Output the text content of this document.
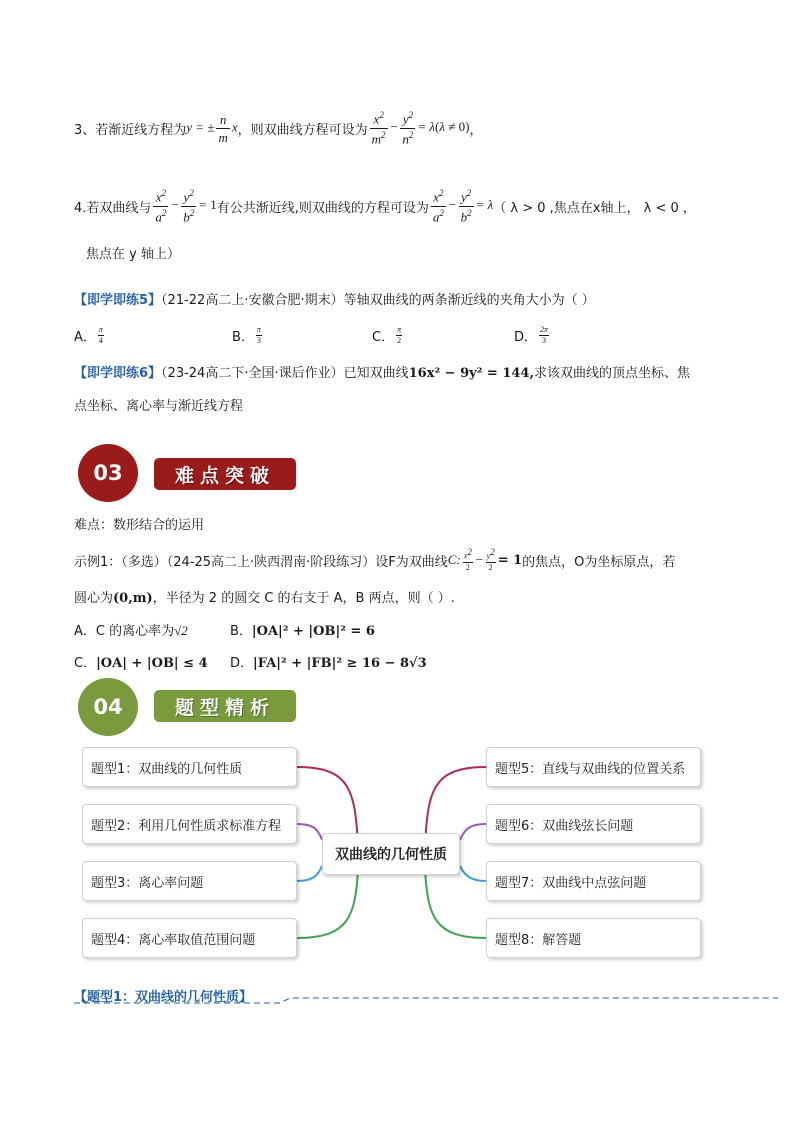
3、若渐近线方程为 y = ± $\frac{n}{m}$ x ，则双曲线方程可设为 $\frac{x^2}{m^2} - \frac{y^2}{n^2} = \lambda(\lambda \ne 0)$ ，
4.若双曲线与 $\frac{x^2}{a^2} - \frac{y^2}{b^2} = 1$ 有公共渐近线,则双曲线的方程可设为 $\frac{x^2}{a^2} - \frac{y^2}{b^2} = \lambda$ （ λ > 0 ,焦点在x轴上， λ < 0 ，
焦点在 y 轴上）
【即学即练5】（21-22高二上·安徽合肥·期末）等轴双曲线的两条渐近线的夹角大小为（ ）
A． $\frac{\pi}{4}$	B． $\frac{\pi}{3}$	C． $\frac{\pi}{2}$	D． $\frac{2\pi}{3}$
【即学即练6】（23-24高二下·全国·课后作业）已知双曲线16x² − 9y² = 144,求该双曲线的顶点坐标、焦
点坐标、离心率与渐近线方程
03	难点突破
难点：数形结合的运用
示例1：（多选）（24-25高二上·陕西渭南·阶段练习）设F为双曲线 C: $\frac{x^2}{2} - \frac{y^2}{2} = 1$ 的焦点，O为坐标原点，若
圆心为(0,m)，半径为 2 的圆交 C 的右支于 A，B 两点，则（ ）.
A．C 的离心率为√2	B．|OA|² + |OB|² = 6
C．|OA| + |OB| ≤ 4 D．|FA|² + |FB|² ≥ 16 − 8√3
04	题型精析
双曲线的几何性质
题型1：双曲线的几何性质
题型2：利用几何性质求标准方程
题型3：离心率问题
题型4：离心率取值范围问题
题型5：直线与双曲线的位置关系
题型6：双曲线弦长问题
题型7：双曲线中点弦问题
题型8：解答题
【题型1：双曲线的几何性质】
